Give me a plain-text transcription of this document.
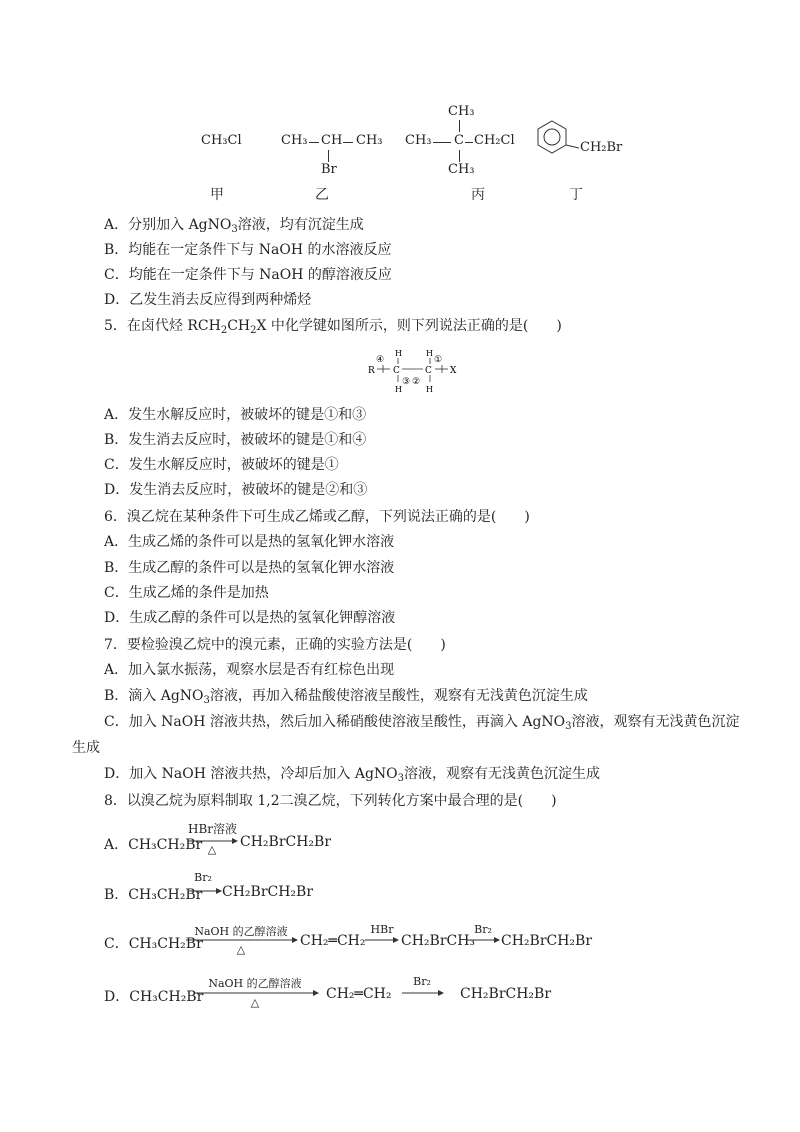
CH₃Cl	CH₃ CH CH₃
Br
CH₃
CH₃ C CH₂Cl
CH₃
CH₂Br
甲	乙	丙	丁
A．分别加入 AgNO$_3$溶液，均有沉淀生成
B．均能在一定条件下与 NaOH 的水溶液反应
C．均能在一定条件下与 NaOH 的醇溶液反应
D．乙发生消去反应得到两种烯烃
5．在卤代烃 $RCH_2CH_2X$ 中化学键如图所示，则下列说法正确的是(　　)
R
④
H
C
③
H
H
C
②
H
①
X
A．发生水解反应时，被破坏的键是①和③
B．发生消去反应时，被破坏的键是①和④
C．发生水解反应时，被破坏的键是①
D．发生消去反应时，被破坏的键是②和③
6．溴乙烷在某种条件下可生成乙烯或乙醇，下列说法正确的是(　　)
A．生成乙烯的条件可以是热的氢氧化钾水溶液
B．生成乙醇的条件可以是热的氢氧化钾水溶液
C．生成乙烯的条件是加热
D．生成乙醇的条件可以是热的氢氧化钾醇溶液
7．要检验溴乙烷中的溴元素，正确的实验方法是(　　)
A．加入氯水振荡，观察水层是否有红棕色出现
B．滴入 AgNO$_3$溶液，再加入稀盐酸使溶液呈酸性，观察有无浅黄色沉淀生成
C．加入 NaOH 溶液共热，然后加入稀硝酸使溶液呈酸性，再滴入 AgNO$_3$溶液，观察有无浅黄色沉淀
生成
D．加入 NaOH 溶液共热，冷却后加入 AgNO$_3$溶液，观察有无浅黄色沉淀生成
8．以溴乙烷为原料制取 1,2二溴乙烷，下列转化方案中最合理的是(　　)
A．CH₃CH₂Br
HBr溶液
△	CH₂BrCH₂Br
B．CH₃CH₂Br
Br₂
→ CH₂BrCH₂Br
C．CH₃CH₂Br
NaOH 的乙醇溶液
△
CH₂═CH₂
HBr
→ CH₂BrCH₃
Br₂
→ CH₂BrCH₂Br
D．CH₃CH₂Br
NaOH 的乙醇溶液
△
CH₂═CH₂
Br₂
→ CH₂BrCH₂Br
